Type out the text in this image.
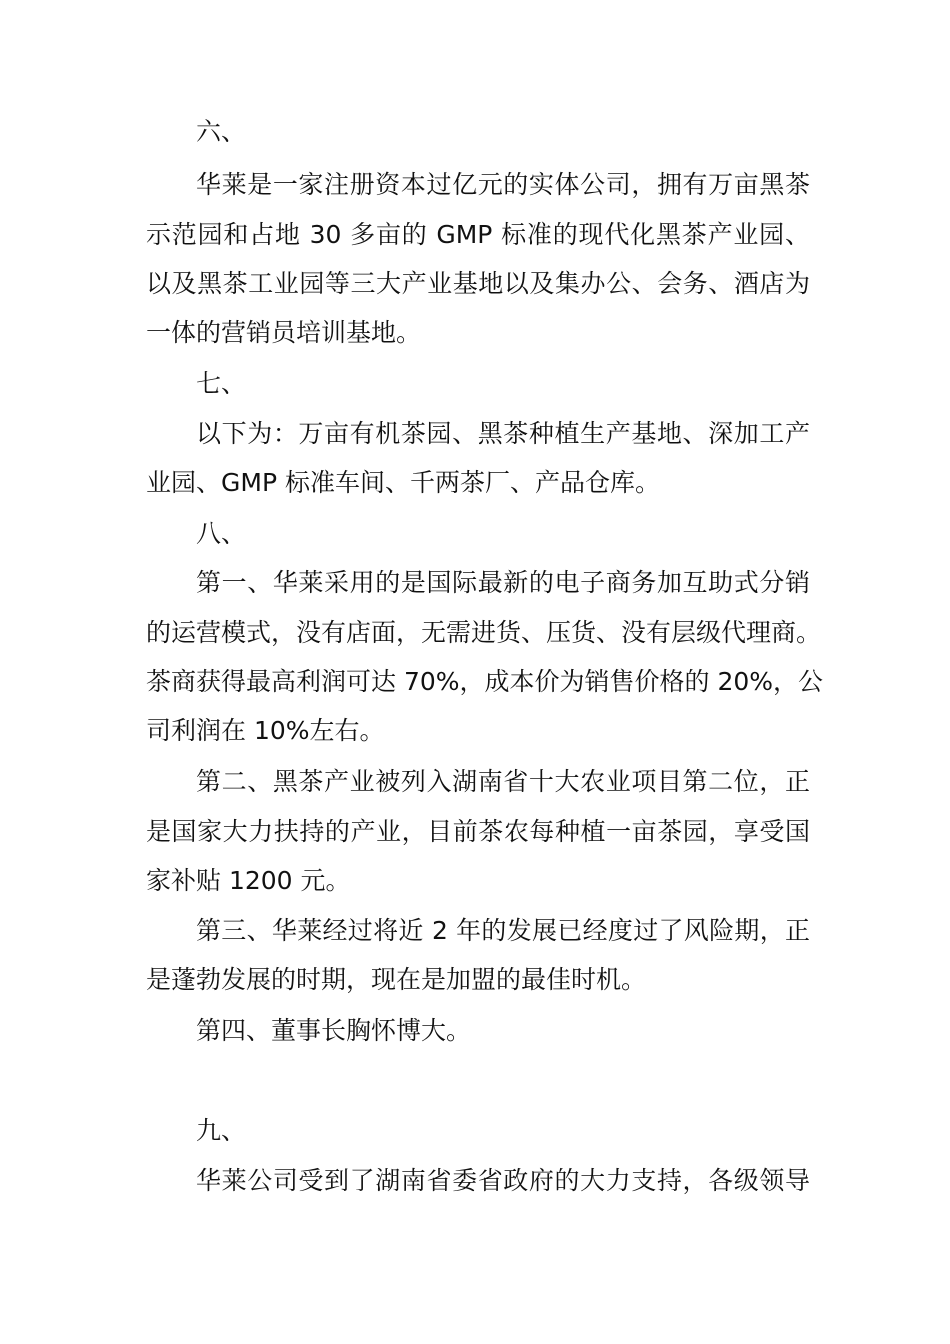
六、
华莱是一家注册资本过亿元的实体公司，拥有万亩黑茶
示范园和占地 30 多亩的 GMP 标准的现代化黑茶产业园、
以及黑茶工业园等三大产业基地以及集办公、会务、酒店为
一体的营销员培训基地。
七、
以下为：万亩有机茶园、黑茶种植生产基地、深加工产
业园、GMP 标准车间、千两茶厂、产品仓库。
八、
第一、华莱采用的是国际最新的电子商务加互助式分销
的运营模式，没有店面，无需进货、压货、没有层级代理商。
茶商获得最高利润可达 70%，成本价为销售价格的 20%，公
司利润在 10%左右。
第二、黑茶产业被列入湖南省十大农业项目第二位，正
是国家大力扶持的产业，目前茶农每种植一亩茶园，享受国
家补贴 1200 元。
第三、华莱经过将近 2 年的发展已经度过了风险期，正
是蓬勃发展的时期，现在是加盟的最佳时机。
第四、董事长胸怀博大。
九、
华莱公司受到了湖南省委省政府的大力支持，各级领导
